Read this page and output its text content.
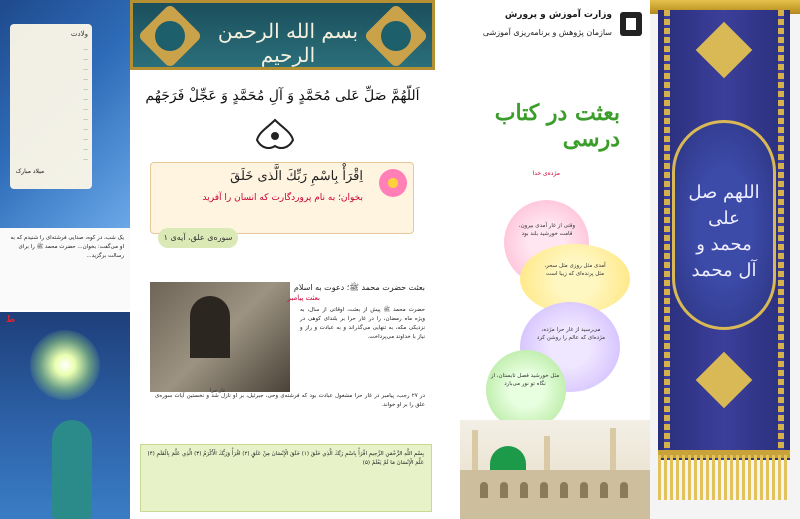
ولادت
...
...
...
...
...
...
...
...
...
...
...
...
میلاد مبارک
یک شب، در کوه، صدایی فرشته‌ای را شنیدم که به او می‌گفت: بخوان... حضرت محمد ﷺ را برای رسالت برگزید...
ظ
بسم الله الرحمن الرحیم
اَللّهُمَّ صَلِّ عَلی مُحَمَّدٍ وَ آلِ مُحَمَّدٍ وَ عَجِّلْ فَرَجَهُم
اِقْرَأْ بِاسْمِ رَبِّكَ الَّذی خَلَقَ
بخوان؛ به نام پروردگارت که انسان را آفرید
سوره‌ی علق، آیه‌ی ۱
غار حرا
بعثت حضرت محمد ﷺ؛ دعوت به اسلام
بعثت پیامبر
حضرت محمد ﷺ پیش از بعثت، اوقاتی از سال، به ویژه ماه رمضان، را در غار حرا بر بلندای کوهی در نزدیکی مکه، به تنهایی می‌گذراند و به عبادت و راز و نیاز با خداوند می‌پرداخت.
در ۲۷ رجب، پیامبر در غار حرا مشغول عبادت بود که فرشته‌ی وحی، جبرئیل، بر او نازل شد و نخستین آیات سوره‌ی علق را بر او خواند.
بِسْمِ اللَّهِ الرَّحْمَنِ الرَّحِيمِ اقْرَأْ بِاسْمِ رَبِّكَ الَّذِي خَلَقَ (۱) خَلَقَ الْإِنْسَانَ مِنْ عَلَقٍ (۲) اقْرَأْ وَرَبُّكَ الْأَكْرَمُ (۳) الَّذِي عَلَّمَ بِالْقَلَمِ (۴) عَلَّمَ الْإِنْسَانَ مَا لَمْ يَعْلَمْ (۵)
وزارت آموزش و پرورش
سازمان پژوهش و برنامه‌ریزی آموزشی
بعثت در کتاب درسی
مژده‌ی خدا
وقتی از غار آمدی بیرون، قامت خورشید بلند بود
آمدی مثل روزی مثل سحر، مثل پرنده‌ای که زیبا است
می‌رسید از غار حرا مژده، مژده‌ای که عالم را روشن کرد
مثل خورشید فصل تابستان، از نگاه تو نور می‌بارد
اللهم صل علی محمد و آل محمد
